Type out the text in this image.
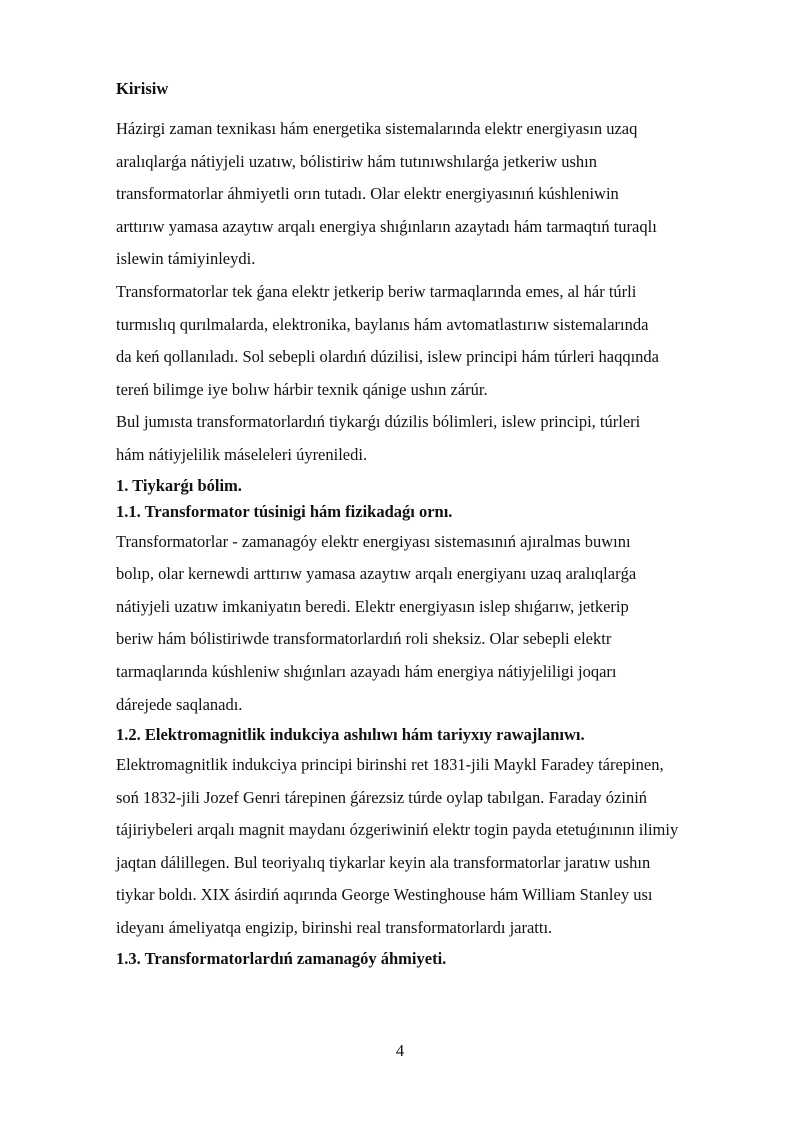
Kirisiw

Házirgi zaman texnikası hám energetika sistemalarında elektr energiyasın uzaq

aralıqlarǵa nátiyjeli uzatıw, bólistiriw hám tutınıwshılarǵa jetkeriw ushın

transformatorlar áhmiyetli orın tutadı. Olar elektr energiyasınıń kúshleniwin

arttırıw yamasa azaytıw arqalı energiya shıǵınların azaytadı hám tarmaqtıń turaqlı

islewin támiyinleydi.

Transformatorlar tek ǵana elektr jetkerip beriw tarmaqlarında emes, al hár túrli

turmıslıq qurılmalarda, elektronika, baylanıs hám avtomatlastırıw sistemalarında

da keń qollanıladı. Sol sebepli olardıń dúzilisi, islew principi hám túrleri haqqında

tereń bilimge iye bolıw hárbir texnik qánige ushın zárúr.

Bul jumısta transformatorlardıń tiykarǵı dúzilis bólimleri, islew principi, túrleri

hám nátiyjelilik máseleleri úyreniledi.

1. Tiykarǵı bólim.

1.1. Transformator túsinigi hám fizikadaǵı ornı.

Transformatorlar - zamanagóy elektr energiyası sistemasınıń ajıralmas buwını

bolıp, olar kernewdi arttırıw yamasa azaytıw arqalı energiyanı uzaq aralıqlarǵa

nátiyjeli uzatıw imkaniyatın beredi. Elektr energiyasın islep shıǵarıw, jetkerip

beriw hám bólistiriwde transformatorlardıń roli sheksiz. Olar sebepli elektr

tarmaqlarında kúshleniw shıǵınları azayadı hám energiya nátiyjeliligi joqarı

dárejede saqlanadı.

1.2. Elektromagnitlik indukciya ashılıwı hám tariyxıy rawajlanıwı.

Elektromagnitlik indukciya principi birinshi ret 1831-jili Maykl Faradey tárepinen,

soń 1832-jili Jozef Genri tárepinen ǵárezsiz túrde oylap tabılgan. Faraday óziniń

tájiriybeleri arqalı magnit maydanı ózgeriwiniń elektr togin payda etetuǵınının ilimiy

jaqtan dálillegen. Bul teoriyalıq tiykarlar keyin ala transformatorlar jaratıw ushın

tiykar boldı. XIX ásirdiń aqırında George Westinghouse hám William Stanley usı

ideyanı ámeliyatqa engizip, birinshi real transformatorlardı jarattı.

1.3. Transformatorlardıń zamanagóy áhmiyeti.

4
